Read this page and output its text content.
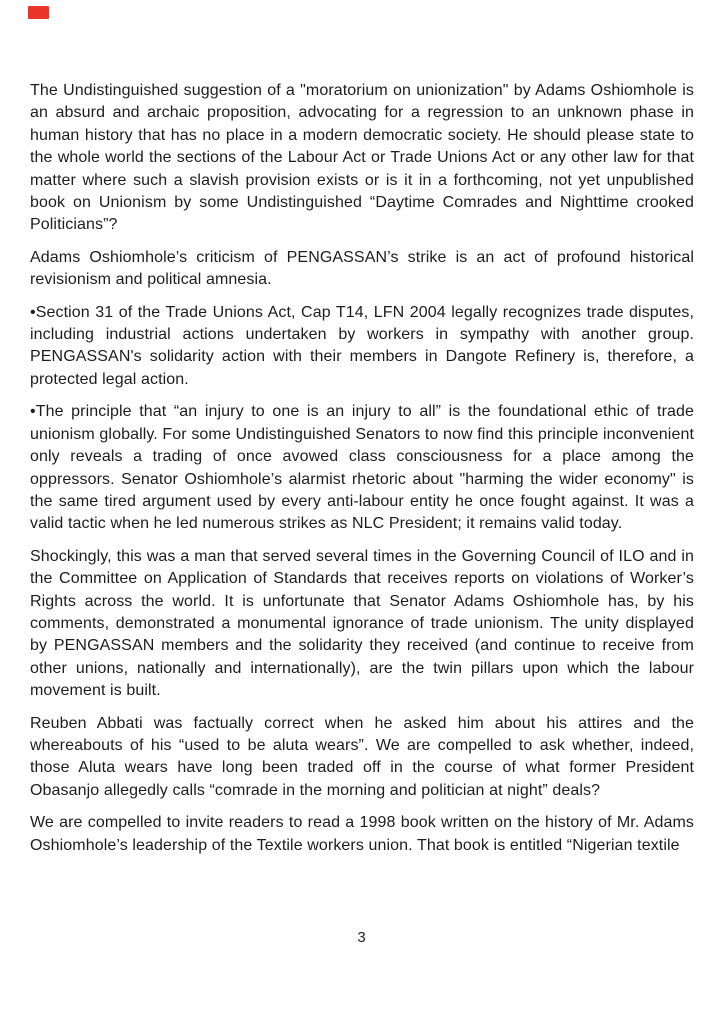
The Undistinguished suggestion of a "moratorium on unionization" by Adams Oshiomhole is an absurd and archaic proposition, advocating for a regression to an unknown phase in human history that has no place in a modern democratic society. He should please state to the whole world the sections of the Labour Act or Trade Unions Act or any other law for that matter where such a slavish provision exists or is it in a forthcoming, not yet unpublished book on Unionism by some Undistinguished “Daytime Comrades and Nighttime crooked Politicians”?

Adams Oshiomhole’s criticism of PENGASSAN’s strike is an act of profound historical revisionism and political amnesia.

•Section 31 of the Trade Unions Act, Cap T14, LFN 2004 legally recognizes trade disputes, including industrial actions undertaken by workers in sympathy with another group. PENGASSAN's solidarity action with their members in Dangote Refinery is, therefore, a protected legal action.

•The principle that “an injury to one is an injury to all” is the foundational ethic of trade unionism globally. For some Undistinguished Senators to now find this principle inconvenient only reveals a trading of once avowed class consciousness for a place among the oppressors. Senator Oshiomhole’s alarmist rhetoric about "harming the wider economy" is the same tired argument used by every anti-labour entity he once fought against. It was a valid tactic when he led numerous strikes as NLC President; it remains valid today.

Shockingly, this was a man that served several times in the Governing Council of ILO and in the Committee on Application of Standards that receives reports on violations of Worker’s Rights across the world. It is unfortunate that Senator Adams Oshiomhole has, by his comments, demonstrated a monumental ignorance of trade unionism. The unity displayed by PENGASSAN members and the solidarity they received (and continue to receive from other unions, nationally and internationally), are the twin pillars upon which the labour movement is built.

Reuben Abbati was factually correct when he asked him about his attires and the whereabouts of his “used to be aluta wears”. We are compelled to ask whether, indeed, those Aluta wears have long been traded off in the course of what former President Obasanjo allegedly calls “comrade in the morning and politician at night” deals?

We are compelled to invite readers to read a 1998 book written on the history of Mr. Adams Oshiomhole’s leadership of the Textile workers union. That book is entitled “Nigerian textile

3
